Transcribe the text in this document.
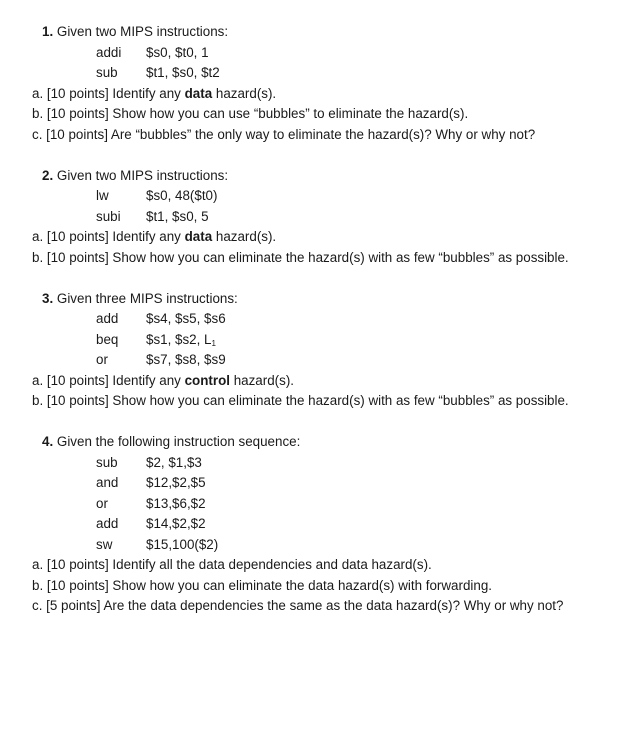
1. Given two MIPS instructions:
addi $s0, $t0, 1
sub $t1, $s0, $t2
a. [10 points] Identify any data hazard(s).
b. [10 points] Show how you can use “bubbles” to eliminate the hazard(s).
c. [10 points] Are “bubbles” the only way to eliminate the hazard(s)? Why or why not?
2. Given two MIPS instructions:
lw	$s0, 48($t0)
subi $t1, $s0, 5
a. [10 points] Identify any data hazard(s).
b. [10 points] Show how you can eliminate the hazard(s) with as few “bubbles” as possible.
3. Given three MIPS instructions:
add $s4, $s5, $s6
beq $s1, $s2, $L_1$
or	$s7, $s8, $s9
a. [10 points] Identify any control hazard(s).
b. [10 points] Show how you can eliminate the hazard(s) with as few “bubbles” as possible.
4. Given the following instruction sequence:
sub $2, $1,$3
and $12,$2,$5
or	$13,$6,$2
add $14,$2,$2
sw	$15,100($2)
a. [10 points] Identify all the data dependencies and data hazard(s).
b. [10 points] Show how you can eliminate the data hazard(s) with forwarding.
c. [5 points] Are the data dependencies the same as the data hazard(s)? Why or why not?
